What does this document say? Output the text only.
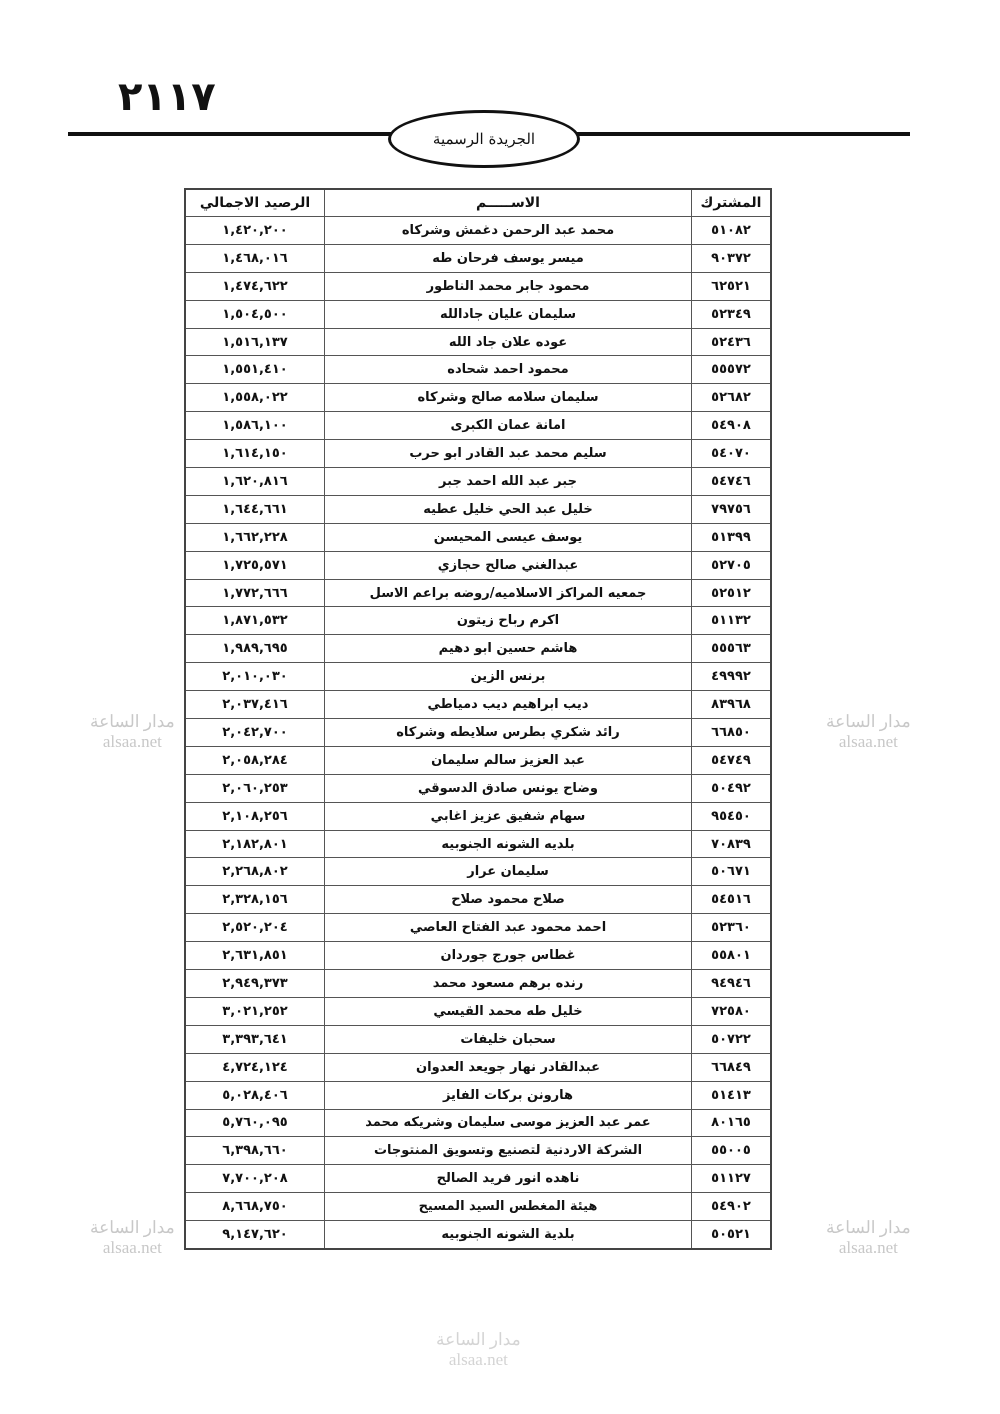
٢١١٧
الجريدة الرسمية
المشترك	الاســـــم	الرصيد الاجمالي
٥١٠٨٢	محمد عبد الرحمن دغمش وشركاه	١,٤٢٠,٢٠٠
٩٠٣٧٢	ميسر يوسف فرحان طه	١,٤٦٨,٠١٦
٦٢٥٢١	محمود جابر محمد الناطور	١,٤٧٤,٦٢٢
٥٢٣٤٩	سليمان عليان جادالله	١,٥٠٤,٥٠٠
٥٢٤٣٦	عوده علان جاد الله	١,٥١٦,١٣٧
٥٥٥٧٢	محمود احمد شحاده	١,٥٥١,٤١٠
٥٢٦٨٢	سليمان سلامه صالح وشركاه	١,٥٥٨,٠٢٢
٥٤٩٠٨	امانة عمان الكبرى	١,٥٨٦,١٠٠
٥٤٠٧٠	سليم محمد عبد القادر ابو حرب	١,٦١٤,١٥٠
٥٤٧٤٦	جبر عبد الله احمد جبر	١,٦٢٠,٨١٦
٧٩٧٥٦	خليل عبد الحي خليل عطيه	١,٦٤٤,٦٦١
٥١٣٩٩	يوسف عيسى المحيسن	١,٦٦٢,٢٢٨
٥٢٧٠٥	عبدالغني صالح حجازي	١,٧٢٥,٥٧١
٥٢٥١٢	جمعيه المراكز الاسلاميه/روضه براعم الاسل	١,٧٧٢,٦٦٦
٥١١٣٢	اكرم رباح زيتون	١,٨٧١,٥٣٢
٥٥٥٦٣	هاشم حسين ابو دهيم	١,٩٨٩,٦٩٥
٤٩٩٩٢	برنس الزين	٢,٠١٠,٠٣٠
٨٣٩٦٨	ديب ابراهيم ديب دمياطي	٢,٠٣٧,٤١٦
٦٦٨٥٠	رائد شكري بطرس سلايطه وشركاه	٢,٠٤٢,٧٠٠
٥٤٧٤٩	عبد العزيز سالم سليمان	٢,٠٥٨,٢٨٤
٥٠٤٩٢	وضاح يونس صادق الدسوقي	٢,٠٦٠,٢٥٣
٩٥٤٥٠	سهام شفيق عزيز اغابي	٢,١٠٨,٢٥٦
٧٠٨٣٩	بلديه الشونه الجنوبيه	٢,١٨٢,٨٠١
٥٠٦٧١	سليمان عرار	٢,٢٦٨,٨٠٢
٥٤٥١٦	صلاح محمود صلاح	٢,٣٢٨,١٥٦
٥٢٣٦٠	احمد محمود عبد الفتاح العاصي	٢,٥٢٠,٢٠٤
٥٥٨٠١	غطاس جورج جوردان	٢,٦٣١,٨٥١
٩٤٩٤٦	رنده برهم مسعود محمد	٢,٩٤٩,٣٧٣
٧٢٥٨٠	خليل طه محمد القيسي	٣,٠٢١,٢٥٢
٥٠٧٢٢	سحبان خليفات	٣,٣٩٣,٦٤١
٦٦٨٤٩	عبدالقادر نهار جويعد العدوان	٤,٧٢٤,١٢٤
٥١٤١٣	هارونن بركات الفايز	٥,٠٢٨,٤٠٦
٨٠١٦٥	عمر عبد العزيز موسى سليمان وشريكه محمد	٥,٧٦٠,٠٩٥
٥٥٠٠٥	الشركة الاردنية لتصنيع وتسويق المنتوجات	٦,٣٩٨,٦٦٠
٥١١٢٧	ناهده انور فريد الصالح	٧,٧٠٠,٢٠٨
٥٤٩٠٢	هيئة المغطس السيد المسيح	٨,٦٦٨,٧٥٠
٥٠٥٢١	بلدية الشونه الجنوبيه	٩,١٤٧,٦٢٠
مدار الساعة
alsaa.net
مدار الساعة
alsaa.net
مدار الساعة
alsaa.net
مدار الساعة
alsaa.net
مدار الساعة
alsaa.net
